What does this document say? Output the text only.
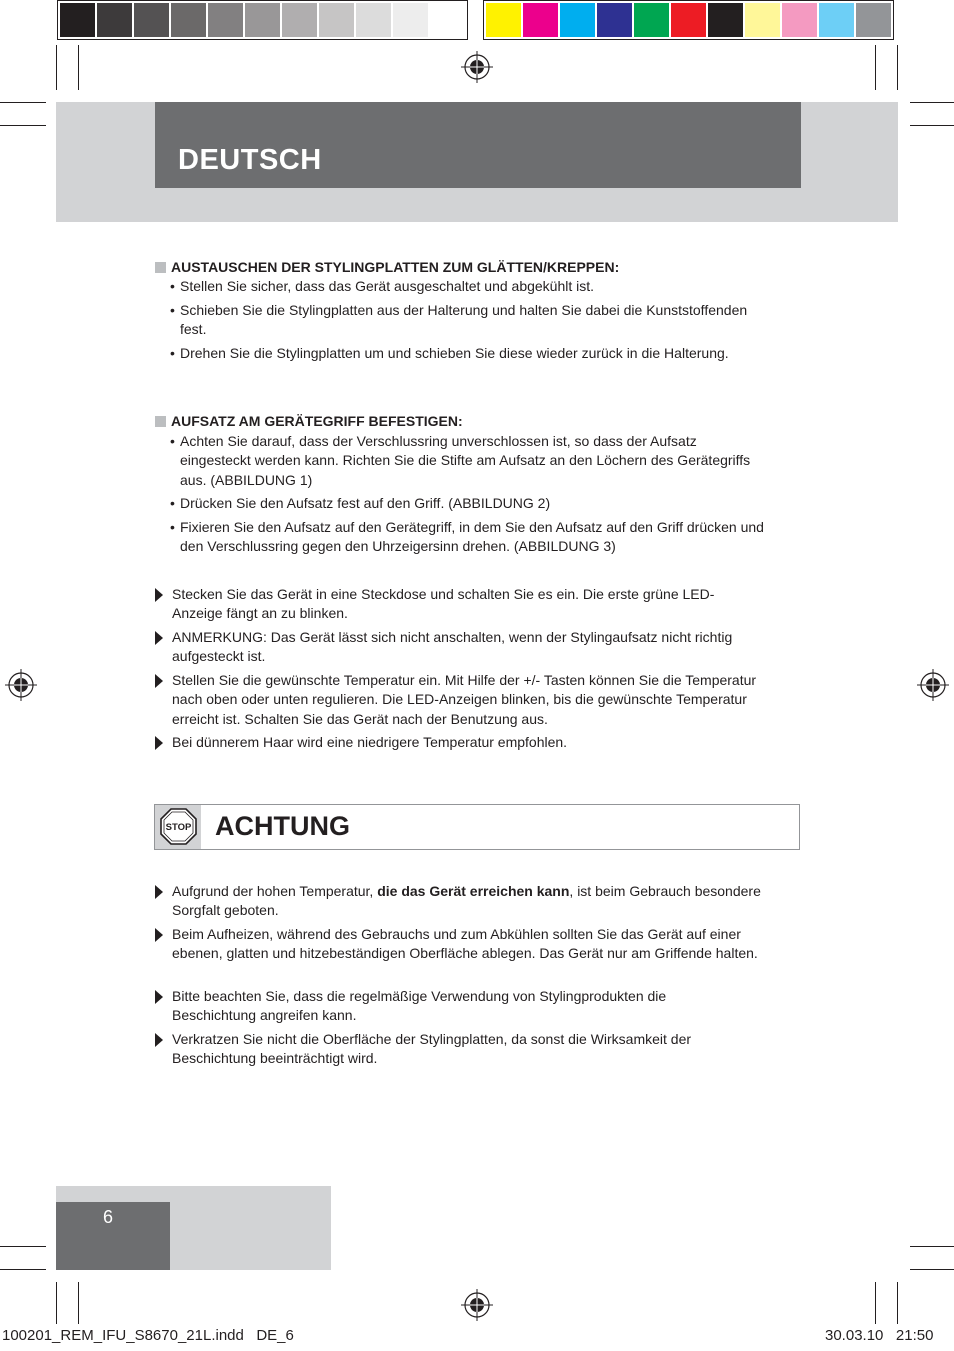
DEUTSCH
AUSTAUSCHEN DER STYLINGPLATTEN ZUM GLÄTTEN/KREPPEN:
• Stellen Sie sicher, dass das Gerät ausgeschaltet und abgekühlt ist.
• Schieben Sie die Stylingplatten aus der Halterung und halten Sie dabei die Kunststoffenden fest.
• Drehen Sie die Stylingplatten um und schieben Sie diese wieder zurück in die Halterung.
AUFSATZ AM GERÄTEGRIFF BEFESTIGEN:
• Achten Sie darauf, dass der Verschlussring unverschlossen ist, so dass der Aufsatz eingesteckt werden kann. Richten Sie die Stifte am Aufsatz an den Löchern des Gerätegriffs aus. (ABBILDUNG 1)
• Drücken Sie den Aufsatz fest auf den Griff. (ABBILDUNG 2)
• Fixieren Sie den Aufsatz auf den Gerätegriff, in dem Sie den Aufsatz auf den Griff drücken und den Verschlussring gegen den Uhrzeigersinn drehen. (ABBILDUNG 3)
Stecken Sie das Gerät in eine Steckdose und schalten Sie es ein. Die erste grüne LED-Anzeige fängt an zu blinken.
ANMERKUNG: Das Gerät lässt sich nicht anschalten, wenn der Stylingaufsatz nicht richtig aufgesteckt ist.
Stellen Sie die gewünschte Temperatur ein. Mit Hilfe der +/- Tasten können Sie die Temperatur nach oben oder unten regulieren. Die LED-Anzeigen blinken, bis die gewünschte Temperatur erreicht ist. Schalten Sie das Gerät nach der Benutzung aus.
Bei dünnerem Haar wird eine niedrigere Temperatur empfohlen.
STOP ACHTUNG
Aufgrund der hohen Temperatur, die das Gerät erreichen kann, ist beim Gebrauch besondere Sorgfalt geboten.
Beim Aufheizen, während des Gebrauchs und zum Abkühlen sollten Sie das Gerät auf einer ebenen, glatten und hitzebeständigen Oberfläche ablegen. Das Gerät nur am Griffende halten.
Bitte beachten Sie, dass die regelmäßige Verwendung von Stylingprodukten die Beschichtung angreifen kann.
Verkratzen Sie nicht die Oberfläche der Stylingplatten, da sonst die Wirksamkeit der Beschichtung beeinträchtigt wird.
6
100201_REM_IFU_S8670_21L.indd   DE_6	30.03.10   21:50
